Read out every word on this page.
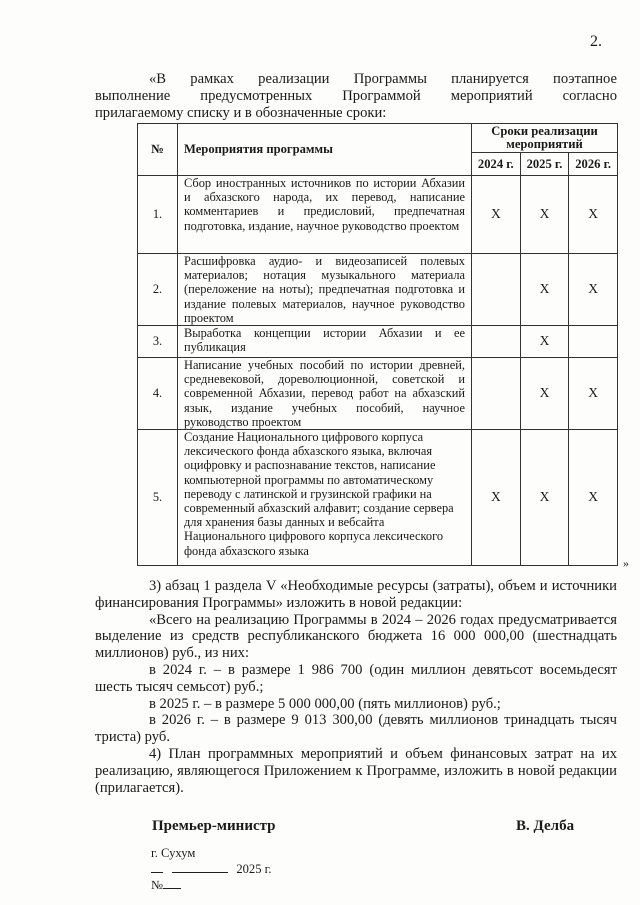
2.
«В рамках реализации Программы планируется поэтапное
выполнение предусмотренных Программой мероприятий согласно
прилагаемому списку и в обозначенные сроки:
№	Мероприятия программы	Сроки реализации мероприятий		
		2024 г.	2025 г.	2026 г.
1.	Сбор иностранных источников по истории Абхазии и абхазского народа, их перевод, написание комментариев и предисловий, предпечатная подготовка, издание, научное руководство проектом	X	X	X
2.	Расшифровка аудио- и видеозаписей полевых материалов; нотация музыкального материала (переложение на ноты); предпечатная подготовка и издание полевых материалов, научное руководство проектом		X	X
3.	Выработка концепции истории Абхазии и ее публикация		X	
4.	Написание учебных пособий по истории древней, средневековой, дореволюционной, советской и современной Абхазии, перевод работ на абхазский язык, издание учебных пособий, научное руководство проектом		X	X
5.	Создание Национального цифрового корпуса лексического фонда абхазского языка, включая оцифровку и распознавание текстов, написание компьютерной программы по автоматическому переводу с латинской и грузинской графики на современный абхазский алфавит; создание сервера для хранения базы данных и вебсайта Национального цифрового корпуса лексического фонда абхазского языка	X	X	X
»
3) абзац 1 раздела V «Необходимые ресурсы (затраты), объем и источники финансирования Программы» изложить в новой редакции:
«Всего на реализацию Программы в 2024 – 2026 годах предусматривается выделение из средств республиканского бюджета 16 000 000,00 (шестнадцать миллионов) руб., из них:
в 2024 г. – в размере 1 986 700 (один миллион девятьсот восемьдесят шесть тысяч семьсот) руб.;
в 2025 г. – в размере 5 000 000,00 (пять миллионов) руб.;
в 2026 г. – в размере 9 013 300,00 (девять миллионов тринадцать тысяч триста) руб.
4) План программных мероприятий и объем финансовых затрат на их реализацию, являющегося Приложением к Программе, изложить в новой редакции (прилагается).
Премьер-министр	В. Делба
г. Сухум
2025 г.
№
